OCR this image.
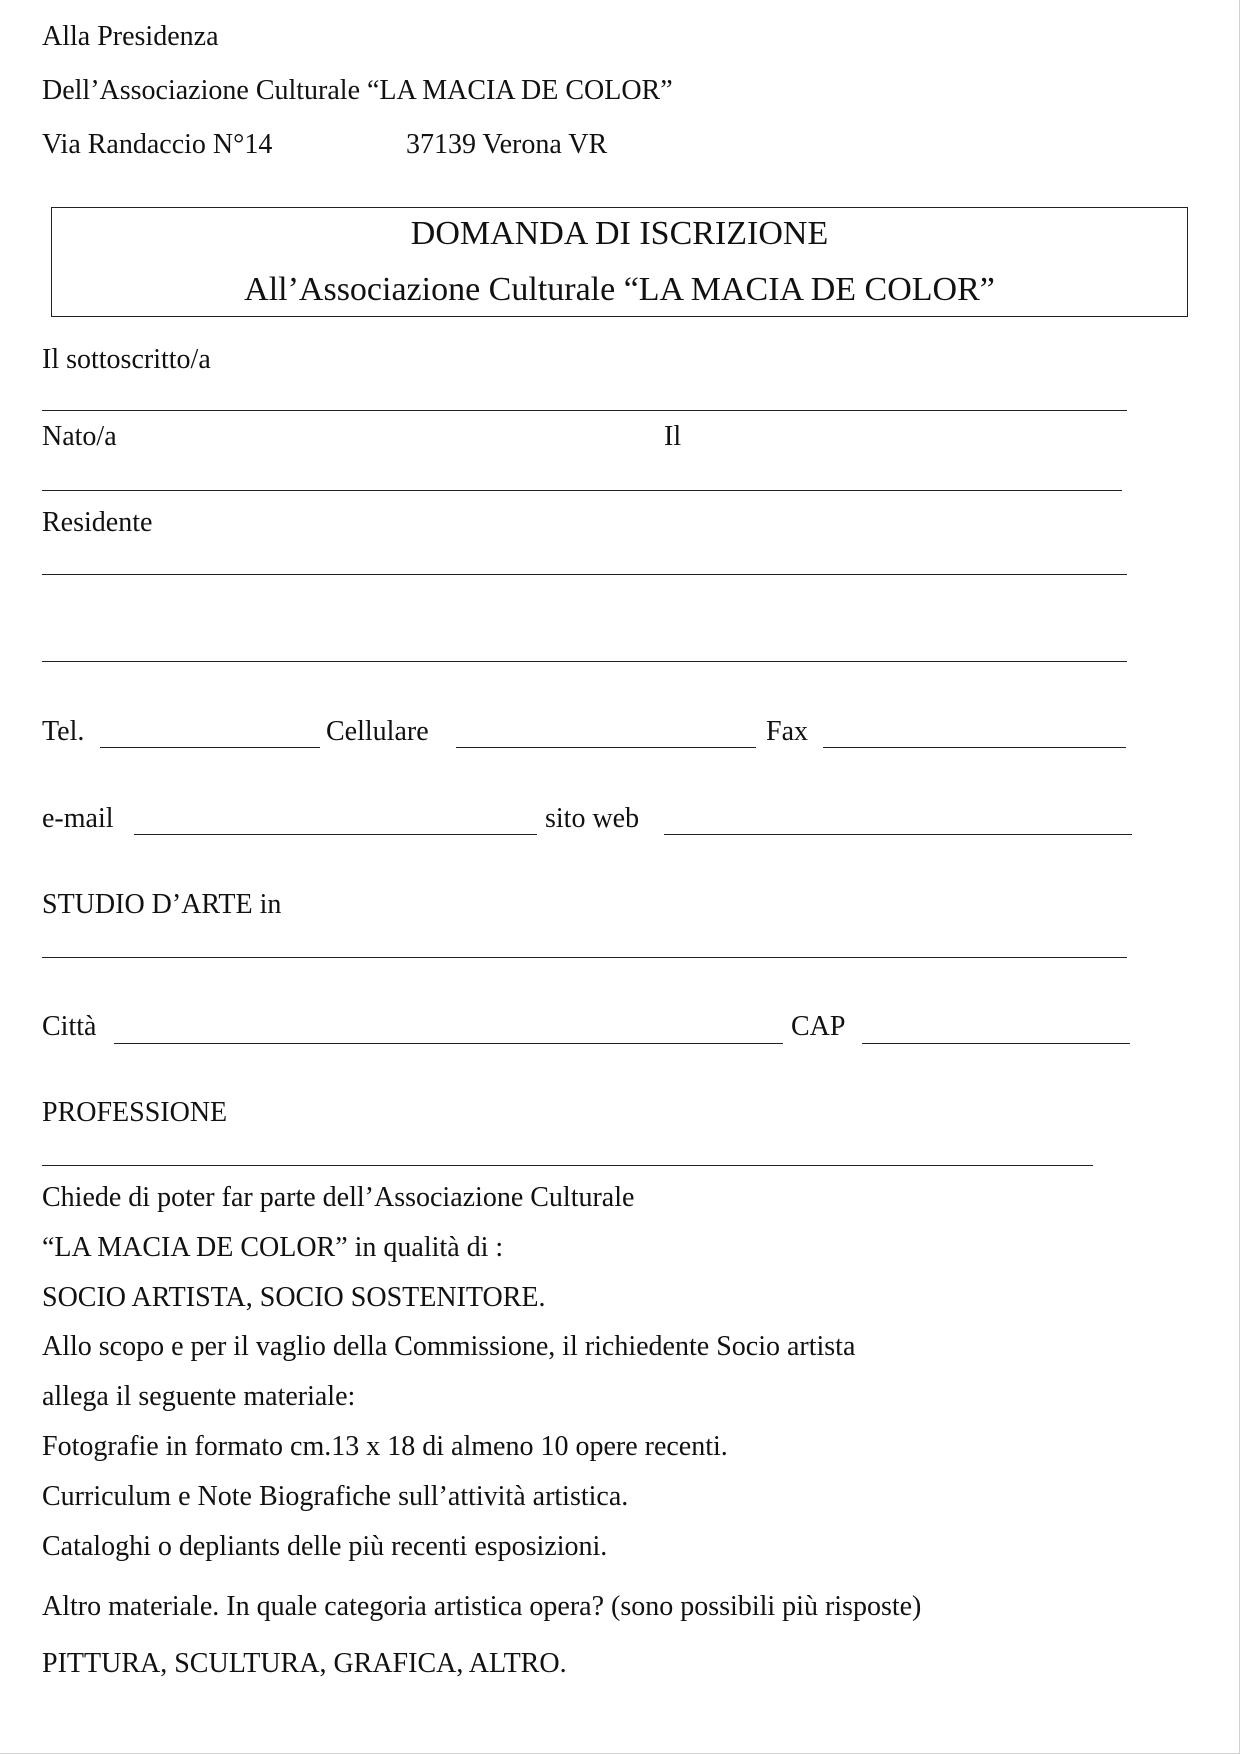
Alla Presidenza
Dell’Associazione Culturale “LA MACIA DE COLOR”
Via Randaccio N°14	37139 Verona VR
DOMANDA DI ISCRIZIONE
All’Associazione Culturale “LA MACIA DE COLOR”
Il sottoscritto/a
Nato/a	Il
Residente
Tel.	Cellulare	Fax
e-mail	sito web
STUDIO D’ARTE in
Città	CAP
PROFESSIONE
Chiede di poter far parte dell’Associazione Culturale
“LA MACIA DE COLOR” in qualità di :
SOCIO ARTISTA, SOCIO SOSTENITORE.
Allo scopo e per il vaglio della Commissione, il richiedente Socio artista
allega il seguente materiale:
Fotografie in formato cm.13 x 18 di almeno 10 opere recenti.
Curriculum e Note Biografiche sull’attività artistica.
Cataloghi o depliants delle più recenti esposizioni.
Altro materiale. In quale categoria artistica opera? (sono possibili più risposte)
PITTURA, SCULTURA, GRAFICA, ALTRO.
